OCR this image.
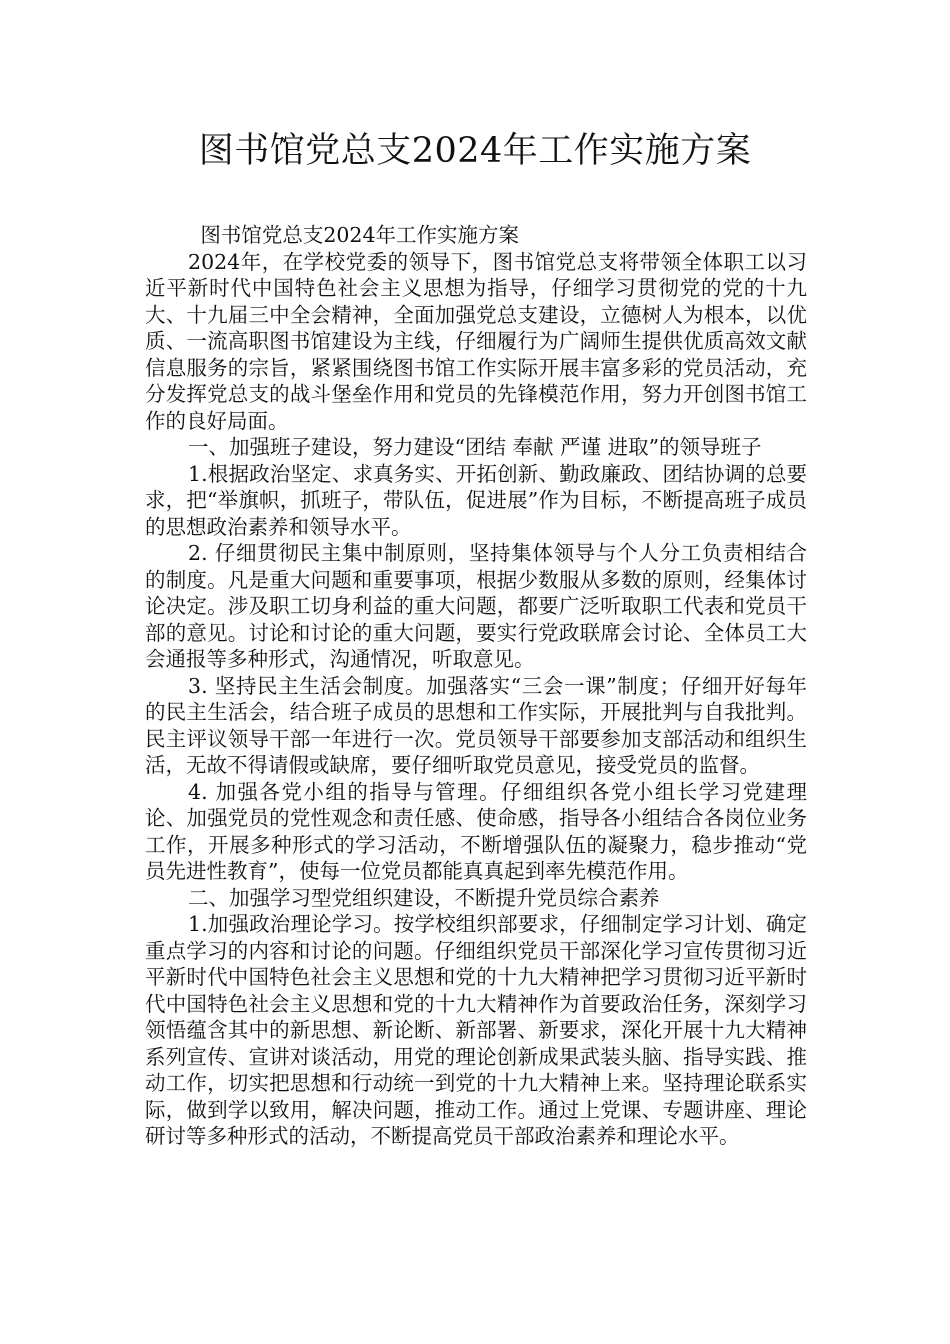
图书馆党总支2024年工作实施方案

图书馆党总支2024年工作实施方案

2024年，在学校党委的领导下，图书馆党总支将带领全体职工以习近平新时代中国特色社会主义思想为指导，仔细学习贯彻党的党的十九大、十九届三中全会精神，全面加强党总支建设，立德树人为根本，以优质、一流高职图书馆建设为主线，仔细履行为广阔师生提供优质高效文献信息服务的宗旨，紧紧围绕图书馆工作实际开展丰富多彩的党员活动，充分发挥党总支的战斗堡垒作用和党员的先锋模范作用，努力开创图书馆工作的良好局面。

一、加强班子建设，努力建设“团结 奉献 严谨 进取”的领导班子

1.根据政治坚定、求真务实、开拓创新、勤政廉政、团结协调的总要求，把“举旗帜，抓班子，带队伍，促进展”作为目标，不断提高班子成员的思想政治素养和领导水平。

2. 仔细贯彻民主集中制原则，坚持集体领导与个人分工负责相结合的制度。凡是重大问题和重要事项，根据少数服从多数的原则，经集体讨论决定。涉及职工切身利益的重大问题，都要广泛听取职工代表和党员干部的意见。讨论和讨论的重大问题，要实行党政联席会讨论、全体员工大会通报等多种形式，沟通情况，听取意见。

3. 坚持民主生活会制度。加强落实“三会一课”制度；仔细开好每年的民主生活会，结合班子成员的思想和工作实际，开展批判与自我批判。民主评议领导干部一年进行一次。党员领导干部要参加支部活动和组织生活，无故不得请假或缺席，要仔细听取党员意见，接受党员的监督。

4. 加强各党小组的指导与管理。仔细组织各党小组长学习党建理论、加强党员的党性观念和责任感、使命感，指导各小组结合各岗位业务工作，开展多种形式的学习活动，不断增强队伍的凝聚力，稳步推动“党员先进性教育”，使每一位党员都能真真起到率先模范作用。

二、加强学习型党组织建设，不断提升党员综合素养

1.加强政治理论学习。按学校组织部要求，仔细制定学习计划、确定重点学习的内容和讨论的问题。仔细组织党员干部深化学习宣传贯彻习近平新时代中国特色社会主义思想和党的十九大精神把学习贯彻习近平新时代中国特色社会主义思想和党的十九大精神作为首要政治任务，深刻学习领悟蕴含其中的新思想、新论断、新部署、新要求，深化开展十九大精神系列宣传、宣讲对谈活动，用党的理论创新成果武装头脑、指导实践、推动工作，切实把思想和行动统一到党的十九大精神上来。坚持理论联系实际，做到学以致用，解决问题，推动工作。通过上党课、专题讲座、理论研讨等多种形式的活动，不断提高党员干部政治素养和理论水平。
